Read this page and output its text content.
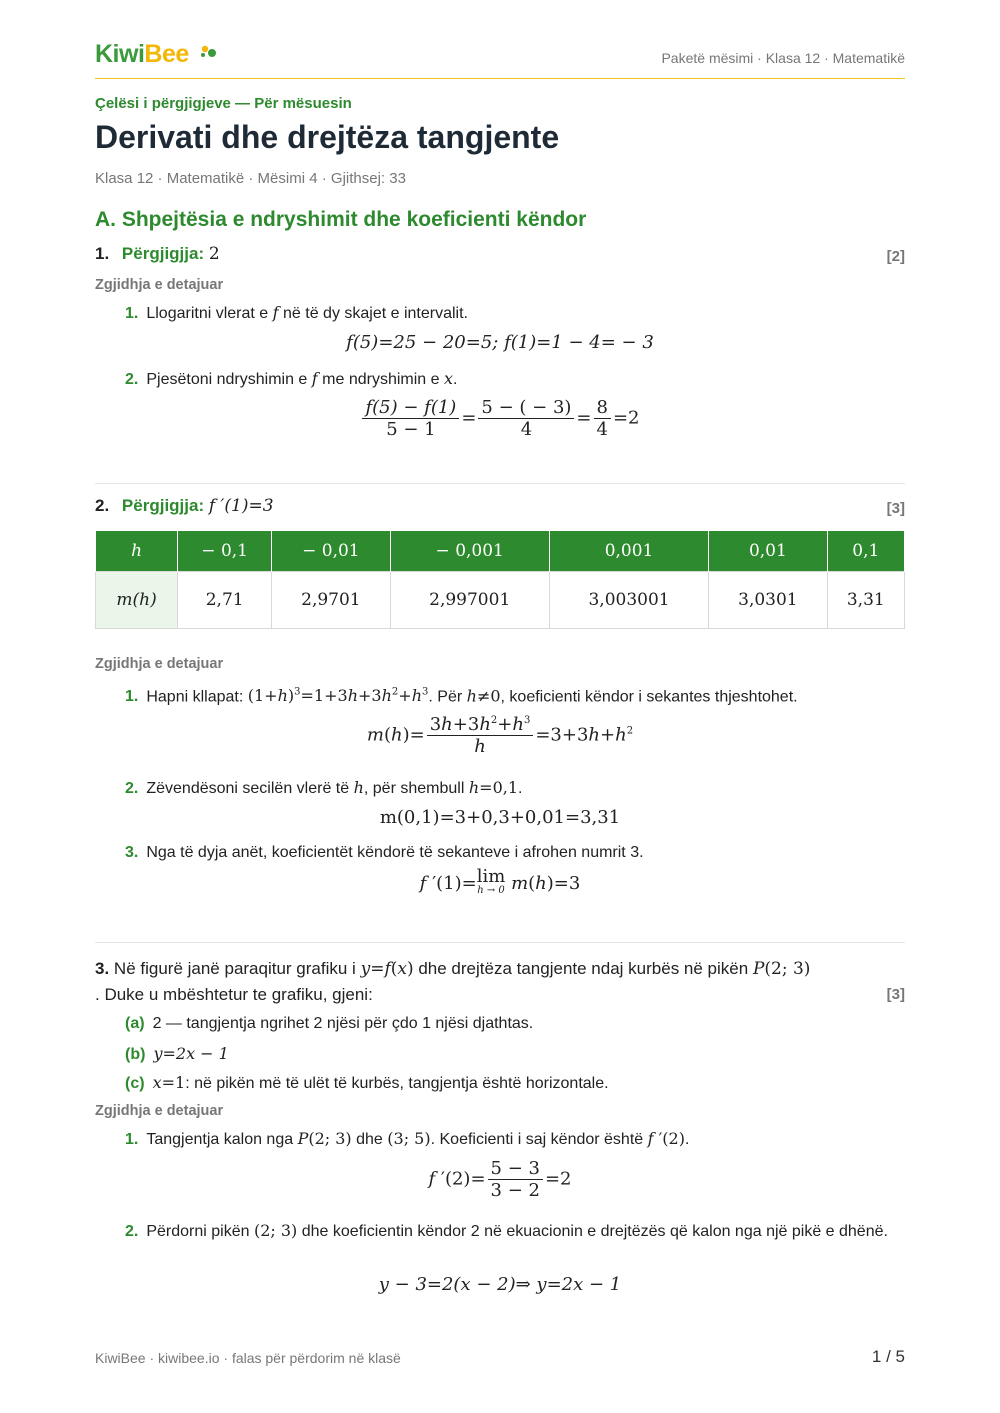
KiwiBee	Paketë mësimi · Klasa 12 · Matematikë
Çelësi i përgjigjeve — Për mësuesin
Derivati dhe drejtëza tangjente
Klasa 12 · Matematikë · Mësimi 4 · Gjithsej: 33
A. Shpejtësia e ndryshimit dhe koeficienti këndor
1. Përgjigjja: 2	[2]
Zgjidhja e detajuar
1. Llogaritni vlerat e f në të dy skajet e intervalit.
f(5)=25 − 20=5; f(1)=1 − 4= − 3
2. Pjesëtoni ndryshimin e f me ndryshimin e x.
$\frac{f(5) - f(1)}{5 - 1} = \frac{5 - ( - 3)}{4} = \frac{8}{4} =2$
2. Përgjigjja: f ′(1)=3	[3]
h	− 0,1	− 0,01	− 0,001	0,001	0,01	0,1
m(h)	2,71	2,9701	2,997001	3,003001	3,0301	3,31
Zgjidhja e detajuar
1. Hapni kllapat: $(1+h)^3=1+3h+3h^2+h^3$. Për h≠0, koeficienti këndor i sekantes thjeshtohet.
$m(h)= \frac{3h+3h^2+h^3}{h} =3+3h+h^2$
2. Zëvendësoni secilën vlerë të h, për shembull h=0,1.
m(0,1)=3+0,3+0,01=3,31
3. Nga të dyja anët, koeficientët këndorë të sekanteve i afrohen numrit 3.
f ′(1)=lim
h → 0 m(h)=3
3. Në figurë janë paraqitur grafiku i y=f(x) dhe drejtëza tangjente ndaj kurbës në pikën P(2; 3)
. Duke u mbështetur te grafiku, gjeni:	[3]
(a) 2 — tangjentja ngrihet 2 njësi për çdo 1 njësi djathtas.
(b) y=2x − 1
(c) x=1: në pikën më të ulët të kurbës, tangjentja është horizontale.
Zgjidhja e detajuar
1. Tangjentja kalon nga P(2; 3) dhe (3; 5). Koeficienti i saj këndor është f ′(2).
f $'(2)= \frac{5 - 3}{3 - 2} =2$
2. Përdorni pikën (2; 3) dhe koeficientin këndor 2 në ekuacionin e drejtëzës që kalon nga një pikë e dhënë.
y − 3=2(x − 2)⇒ y=2x − 1
KiwiBee · kiwibee.io · falas për përdorim në klasë	1 / 5
